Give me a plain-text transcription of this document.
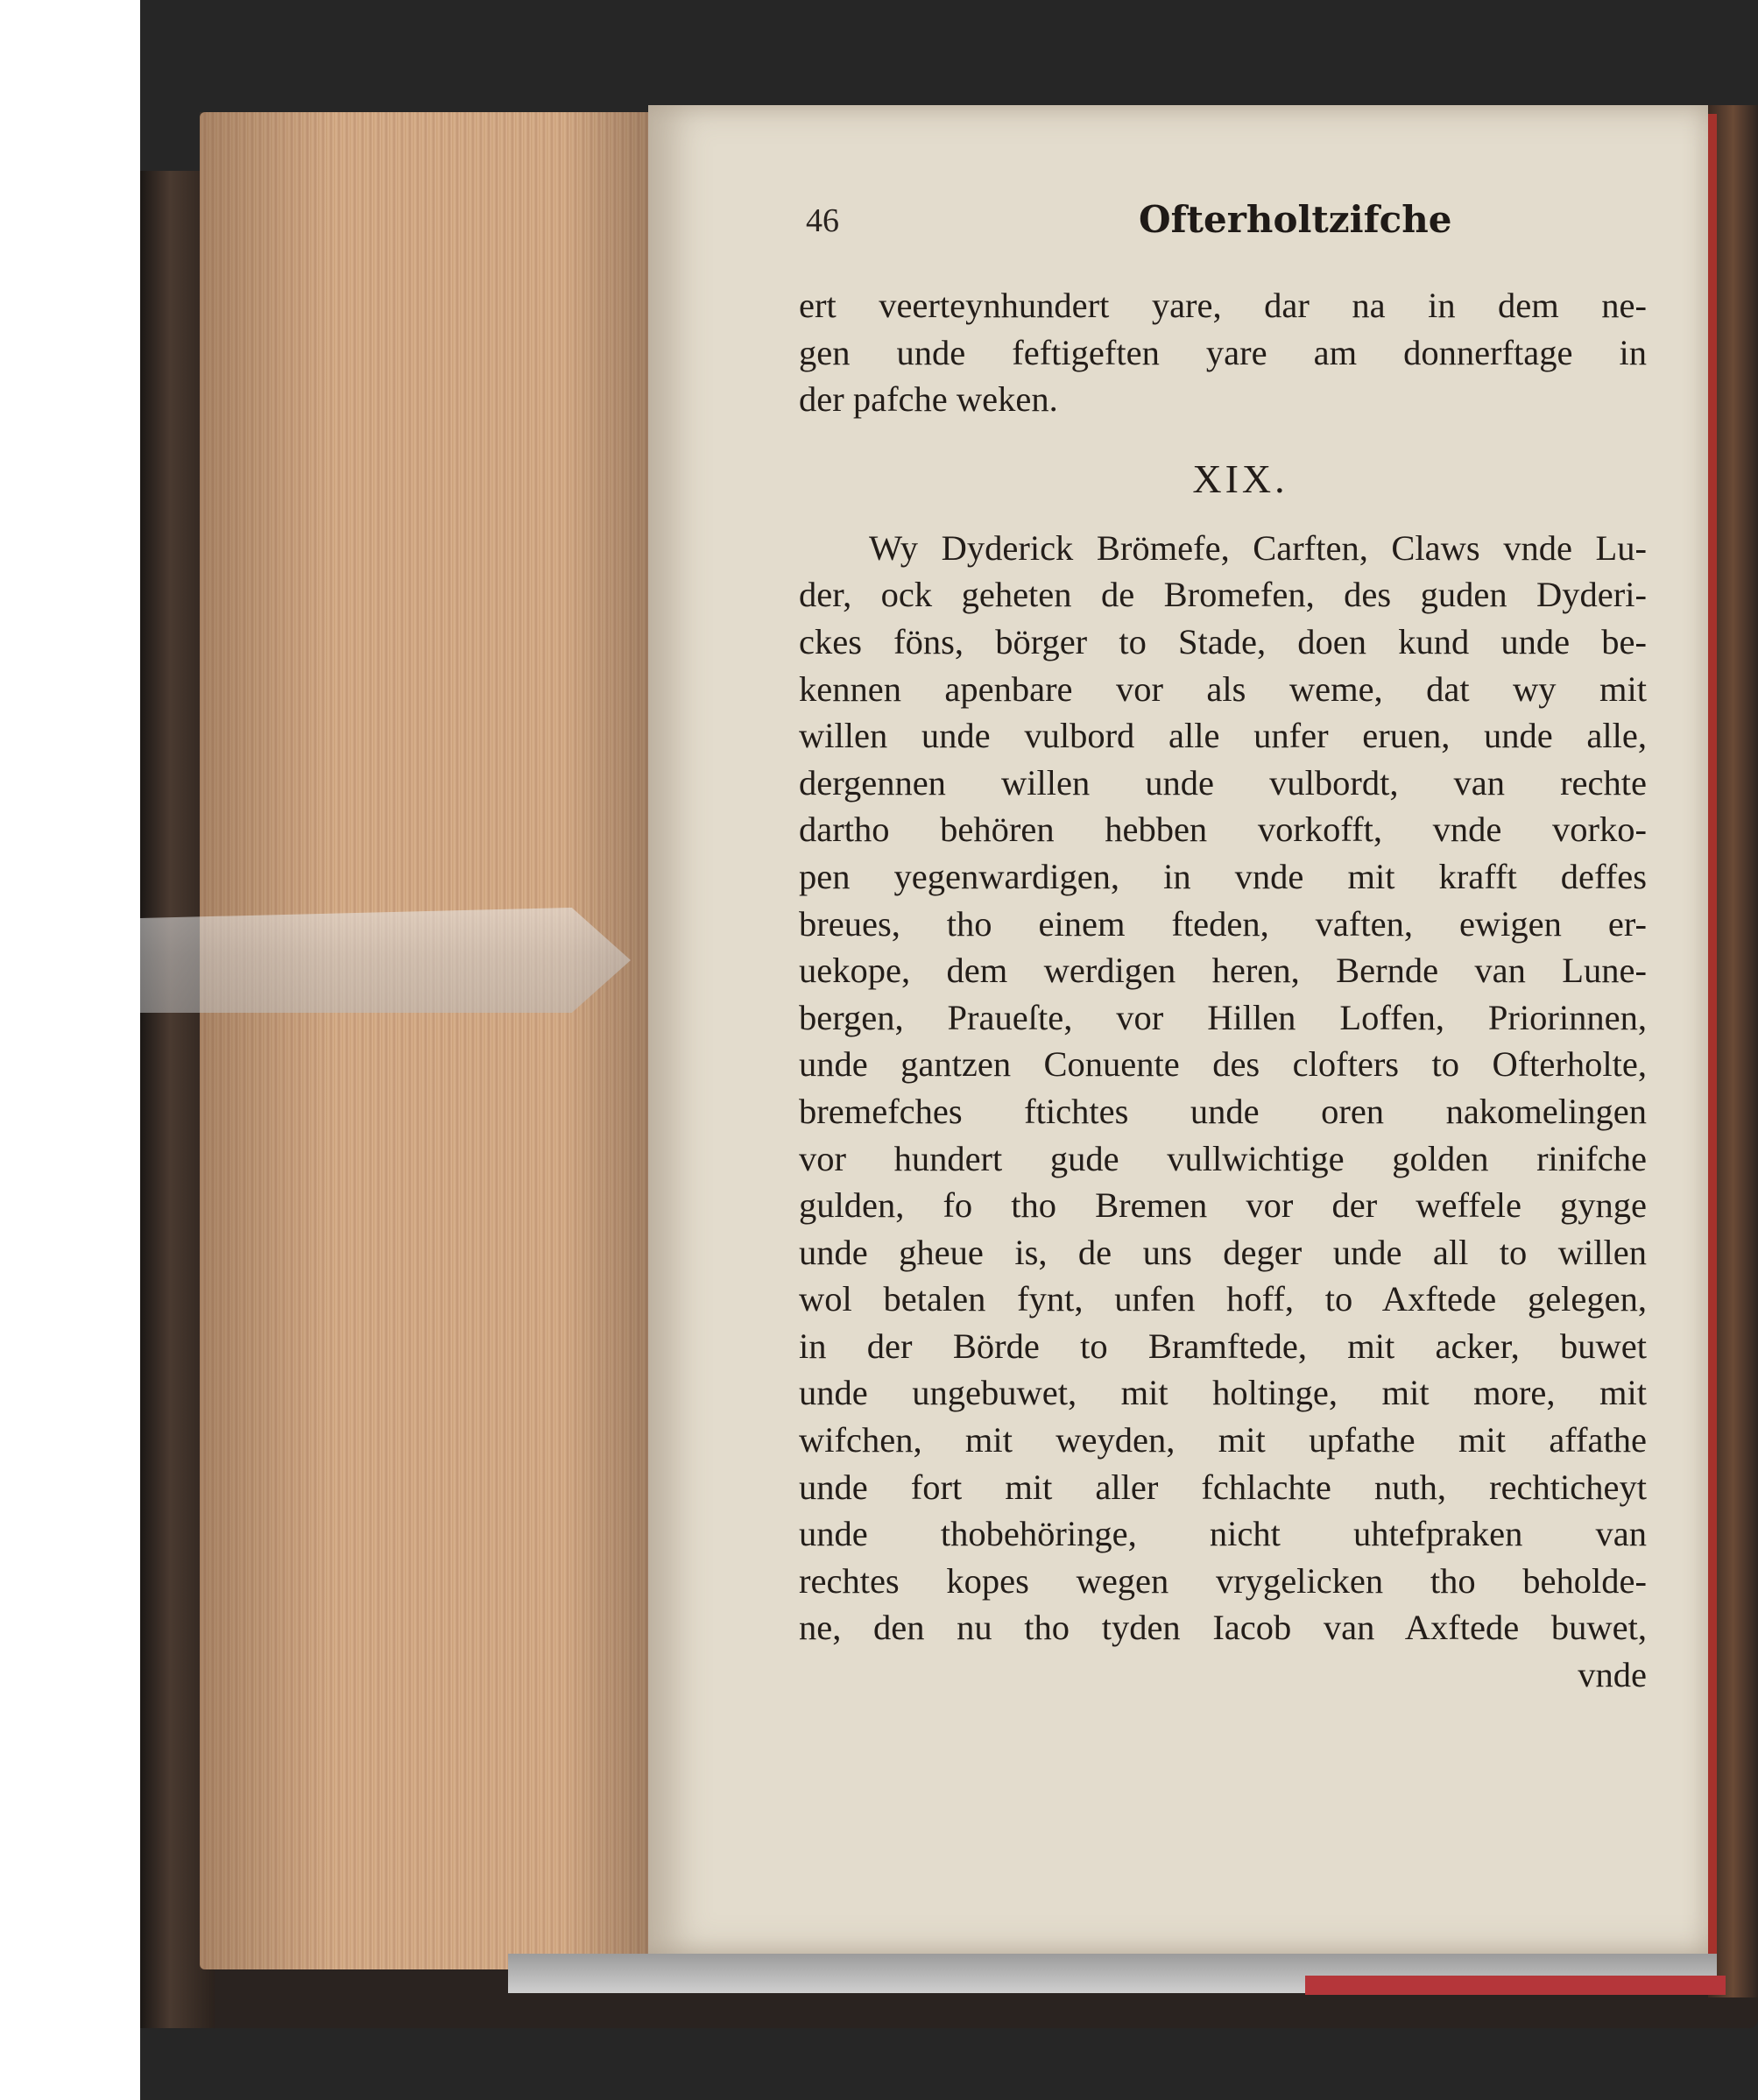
46	Ofterholtzifche
ert veerteynhundert yare, dar na in dem ne-
gen unde feftigeften yare am donnerftage in
der pafche weken.
XIX.
Wy Dyderick Brömefe, Carften, Claws vnde Lu-
der, ock geheten de Bromefen, des guden Dyderi-
ckes föns, börger to Stade, doen kund unde be-
kennen apenbare vor als weme, dat wy mit
willen unde vulbord alle unfer eruen, unde alle,
dergennen willen unde vulbordt, van rechte
dartho behören hebben vorkofft, vnde vorko-
pen yegenwardigen, in vnde mit krafft deffes
breues, tho einem fteden, vaften, ewigen er-
uekope, dem werdigen heren, Bernde van Lune-
bergen, Praueſte, vor Hillen Loffen, Priorinnen,
unde gantzen Conuente des clofters to Ofterholte,
bremefches ftichtes unde oren nakomelingen
vor hundert gude vullwichtige golden rinifche
gulden, fo tho Bremen vor der weffele gynge
unde gheue is, de uns deger unde all to willen
wol betalen fynt, unfen hoff, to Axftede gelegen,
in der Börde to Bramftede, mit acker, buwet
unde ungebuwet, mit holtinge, mit more, mit
wifchen, mit weyden, mit upfathe mit affathe
unde fort mit aller fchlachte nuth, rechticheyt
unde thobehöringe, nicht uhtefpraken van
rechtes kopes wegen vrygelicken tho beholde-
ne, den nu tho tyden Iacob van Axftede buwet,
vnde
